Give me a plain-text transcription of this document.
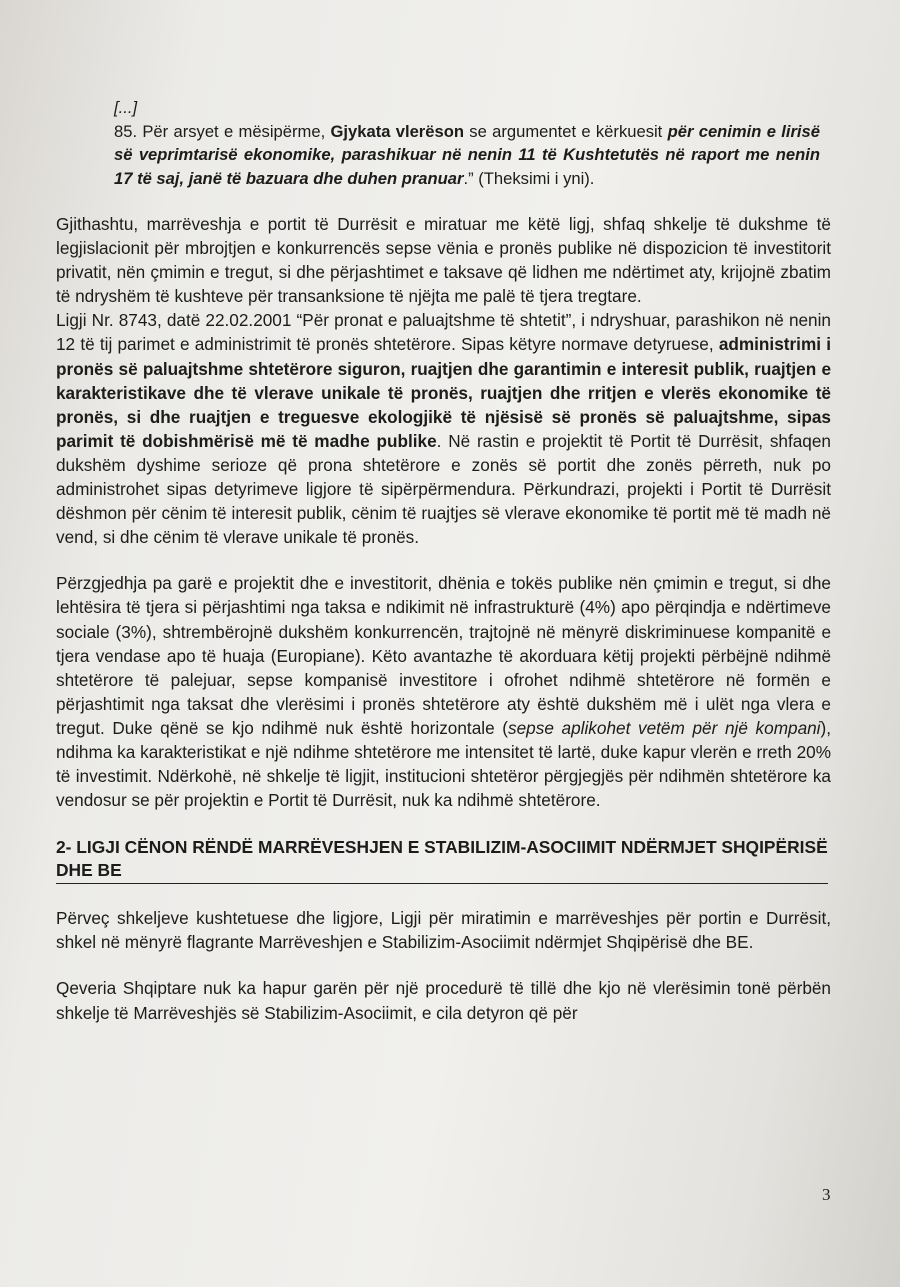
[...]

85. Për arsyet e mësipërme, Gjykata vlerëson se argumentet e kërkuesit për cenimin e lirisë së veprimtarisë ekonomike, parashikuar në nenin 11 të Kushtetutës në raport me nenin 17 të saj, janë të bazuara dhe duhen pranuar.” (Theksimi i yni).

Gjithashtu, marrëveshja e portit të Durrësit e miratuar me këtë ligj, shfaq shkelje të dukshme të legjislacionit për mbrojtjen e konkurrencës sepse vënia e pronës publike në dispozicion të investitorit privatit, nën çmimin e tregut, si dhe përjashtimet e taksave që lidhen me ndërtimet aty, krijojnë zbatim të ndryshëm të kushteve për transanksione të njëjta me palë të tjera tregtare.

Ligji Nr. 8743, datë 22.02.2001 “Për pronat e paluajtshme të shtetit”, i ndryshuar, parashikon në nenin 12 të tij parimet e administrimit të pronës shtetërore. Sipas këtyre normave detyruese, administrimi i pronës së paluajtshme shtetërore siguron, ruajtjen dhe garantimin e interesit publik, ruajtjen e karakteristikave dhe të vlerave unikale të pronës, ruajtjen dhe rritjen e vlerës ekonomike të pronës, si dhe ruajtjen e treguesve ekologjikë të njësisë së pronës së paluajtshme, sipas parimit të dobishmërisë më të madhe publike. Në rastin e projektit të Portit të Durrësit, shfaqen dukshëm dyshime serioze që prona shtetërore e zonës së portit dhe zonës përreth, nuk po administrohet sipas detyrimeve ligjore të sipërpërmendura. Përkundrazi, projekti i Portit të Durrësit dëshmon për cënim të interesit publik, cënim të ruajtjes së vlerave ekonomike të portit më të madh në vend, si dhe cënim të vlerave unikale të pronës.

Përzgjedhja pa garë e projektit dhe e investitorit, dhënia e tokës publike nën çmimin e tregut, si dhe lehtësira të tjera si përjashtimi nga taksa e ndikimit në infrastrukturë (4%) apo përqindja e ndërtimeve sociale (3%), shtrembërojnë dukshëm konkurrencën, trajtojnë në mënyrë diskriminuese kompanitë e tjera vendase apo të huaja (Europiane). Këto avantazhe të akorduara këtij projekti përbëjnë ndihmë shtetërore të palejuar, sepse kompanisë investitore i ofrohet ndihmë shtetërore në formën e përjashtimit nga taksat dhe vlerësimi i pronës shtetërore aty është dukshëm më i ulët nga vlera e tregut. Duke qënë se kjo ndihmë nuk është horizontale (sepse aplikohet vetëm për një kompani), ndihma ka karakteristikat e një ndihme shtetërore me intensitet të lartë, duke kapur vlerën e rreth 20% të investimit. Ndërkohë, në shkelje të ligjit, institucioni shtetëror përgjegjës për ndihmën shtetërore ka vendosur se për projektin e Portit të Durrësit, nuk ka ndihmë shtetërore.

2- LIGJI CËNON RËNDË MARRËVESHJEN E STABILIZIM-ASOCIIMIT NDËRMJET SHQIPËRISË DHE BE

Përveç shkeljeve kushtetuese dhe ligjore, Ligji për miratimin e marrëveshjes për portin e Durrësit, shkel në mënyrë flagrante Marrëveshjen e Stabilizim-Asociimit ndërmjet Shqipërisë dhe BE.

Qeveria Shqiptare nuk ka hapur garën për një procedurë të tillë dhe kjo në vlerësimin tonë përbën shkelje të Marrëveshjës së Stabilizim-Asociimit, e cila detyron që për

3
